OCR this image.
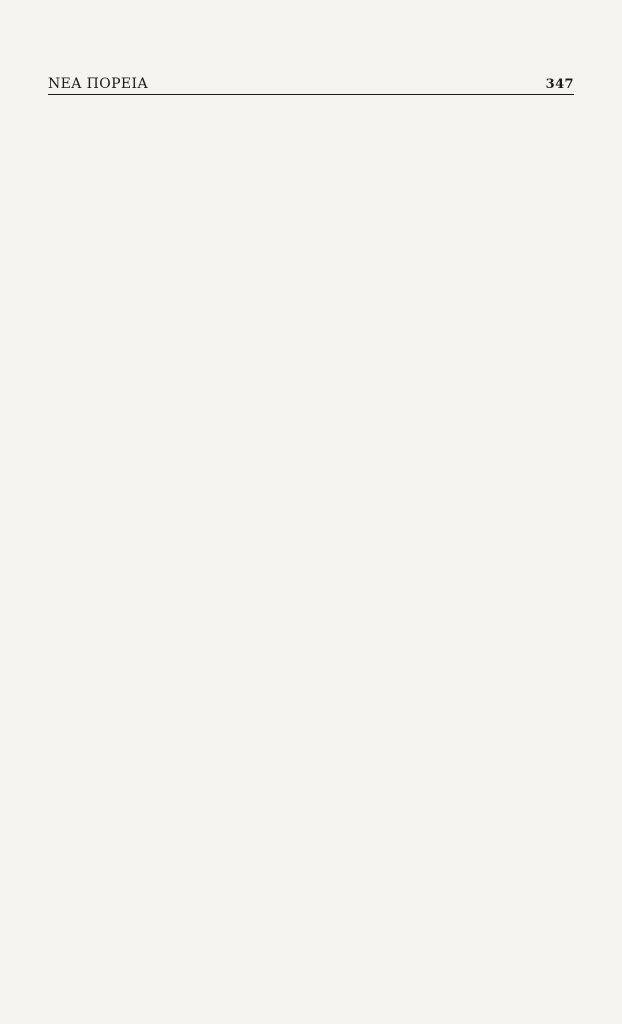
ΝΕΑ ΠΟΡΕΙΑ	347
